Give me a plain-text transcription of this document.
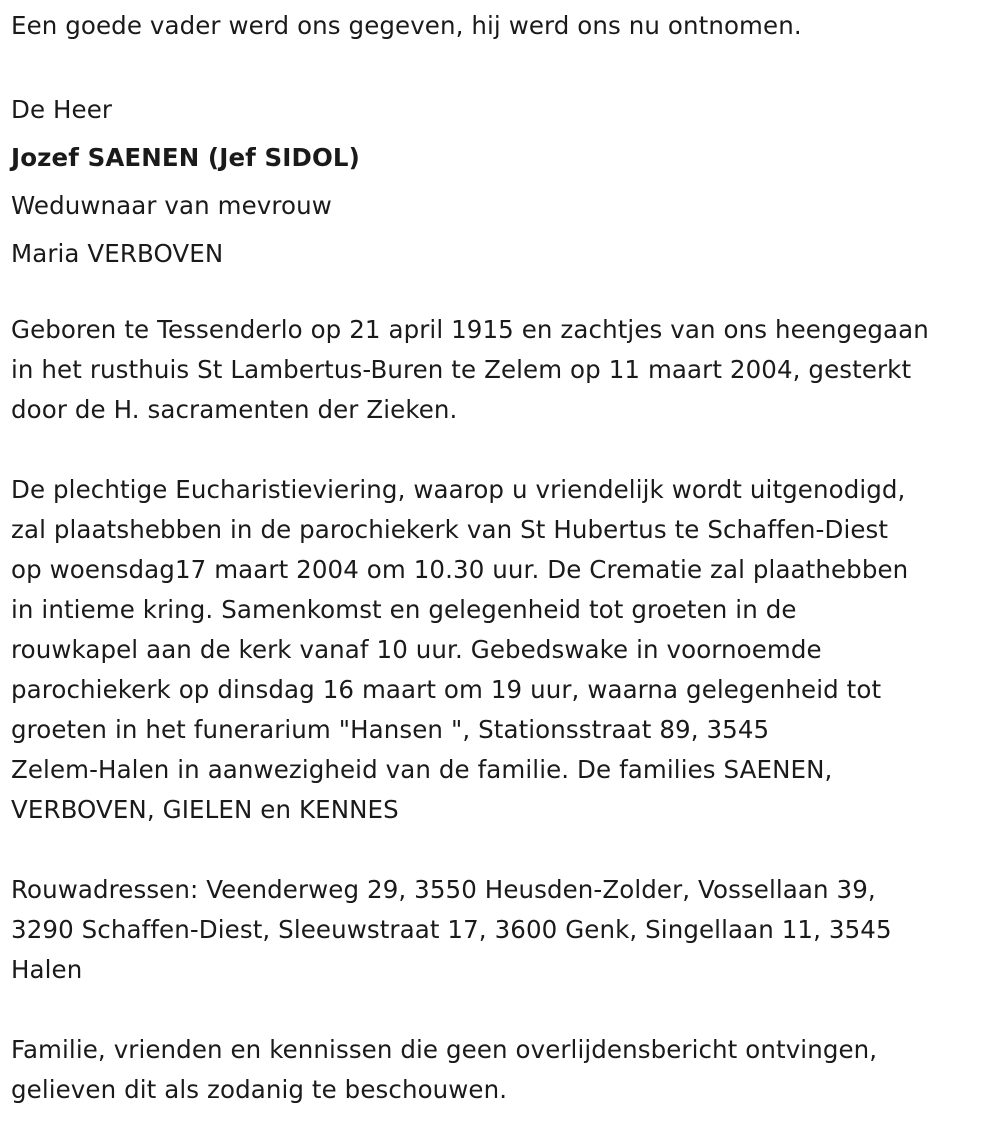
Een goede vader werd ons gegeven, hij werd ons nu ontnomen.
De Heer
Jozef SAENEN (Jef SIDOL)
Weduwnaar van mevrouw
Maria VERBOVEN
Geboren te Tessenderlo op 21 april 1915 en zachtjes van ons heengegaan
in het rusthuis St Lambertus-Buren te Zelem op 11 maart 2004, gesterkt
door de H. sacramenten der Zieken.
De plechtige Eucharistieviering, waarop u vriendelijk wordt uitgenodigd,
zal plaatshebben in de parochiekerk van St Hubertus te Schaffen-Diest
op woensdag17 maart 2004 om 10.30 uur. De Crematie zal plaathebben
in intieme kring. Samenkomst en gelegenheid tot groeten in de
rouwkapel aan de kerk vanaf 10 uur. Gebedswake in voornoemde
parochiekerk op dinsdag 16 maart om 19 uur, waarna gelegenheid tot
groeten in het funerarium "Hansen ", Stationsstraat 89, 3545
Zelem-Halen in aanwezigheid van de familie. De families SAENEN,
VERBOVEN, GIELEN en KENNES
Rouwadressen: Veenderweg 29, 3550 Heusden-Zolder, Vossellaan 39,
3290 Schaffen-Diest, Sleeuwstraat 17, 3600 Genk, Singellaan 11, 3545
Halen
Familie, vrienden en kennissen die geen overlijdensbericht ontvingen,
gelieven dit als zodanig te beschouwen.
